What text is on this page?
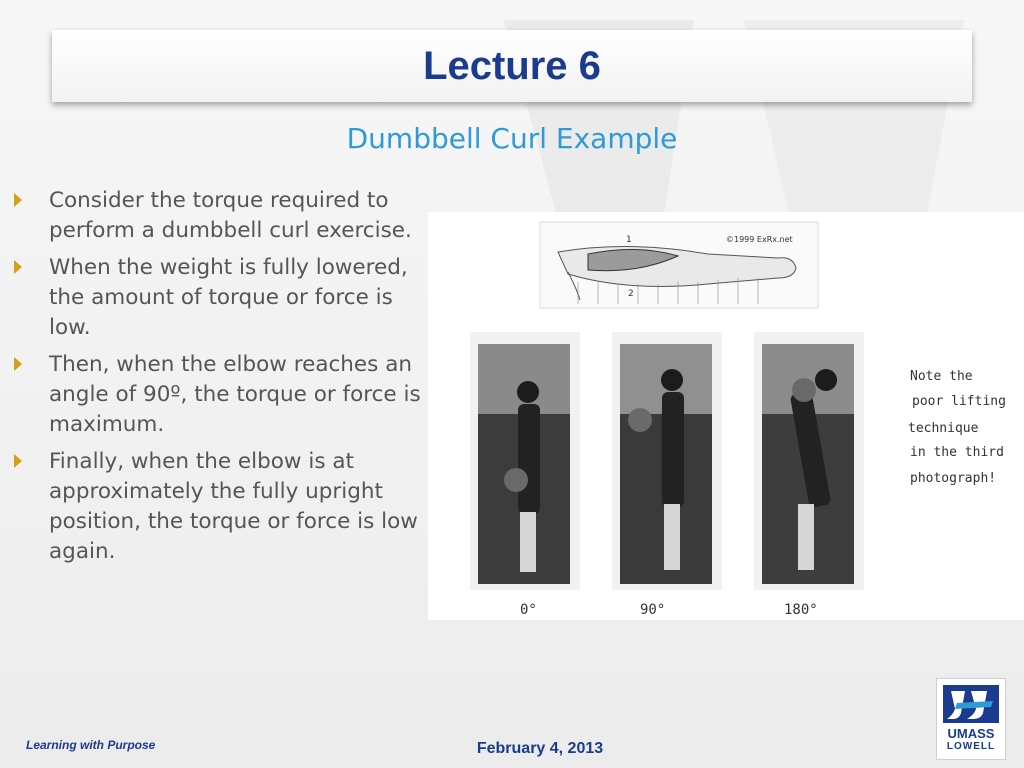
Lecture 6
Dumbbell Curl Example
Consider the torque required to perform a dumbbell curl exercise.
When the weight is fully lowered, the amount of torque or force is low.
Then, when the elbow reaches an angle of 90º, the torque or force is maximum.
Finally, when the elbow is at approximately the fully upright position, the torque or force is low again.
1
2
©1999 ExRx.net
0°	90°	180°
Note the
poor lifting
technique
in the third
photograph!
Learning with Purpose	February 4, 2013
UMASS
LOWELL
